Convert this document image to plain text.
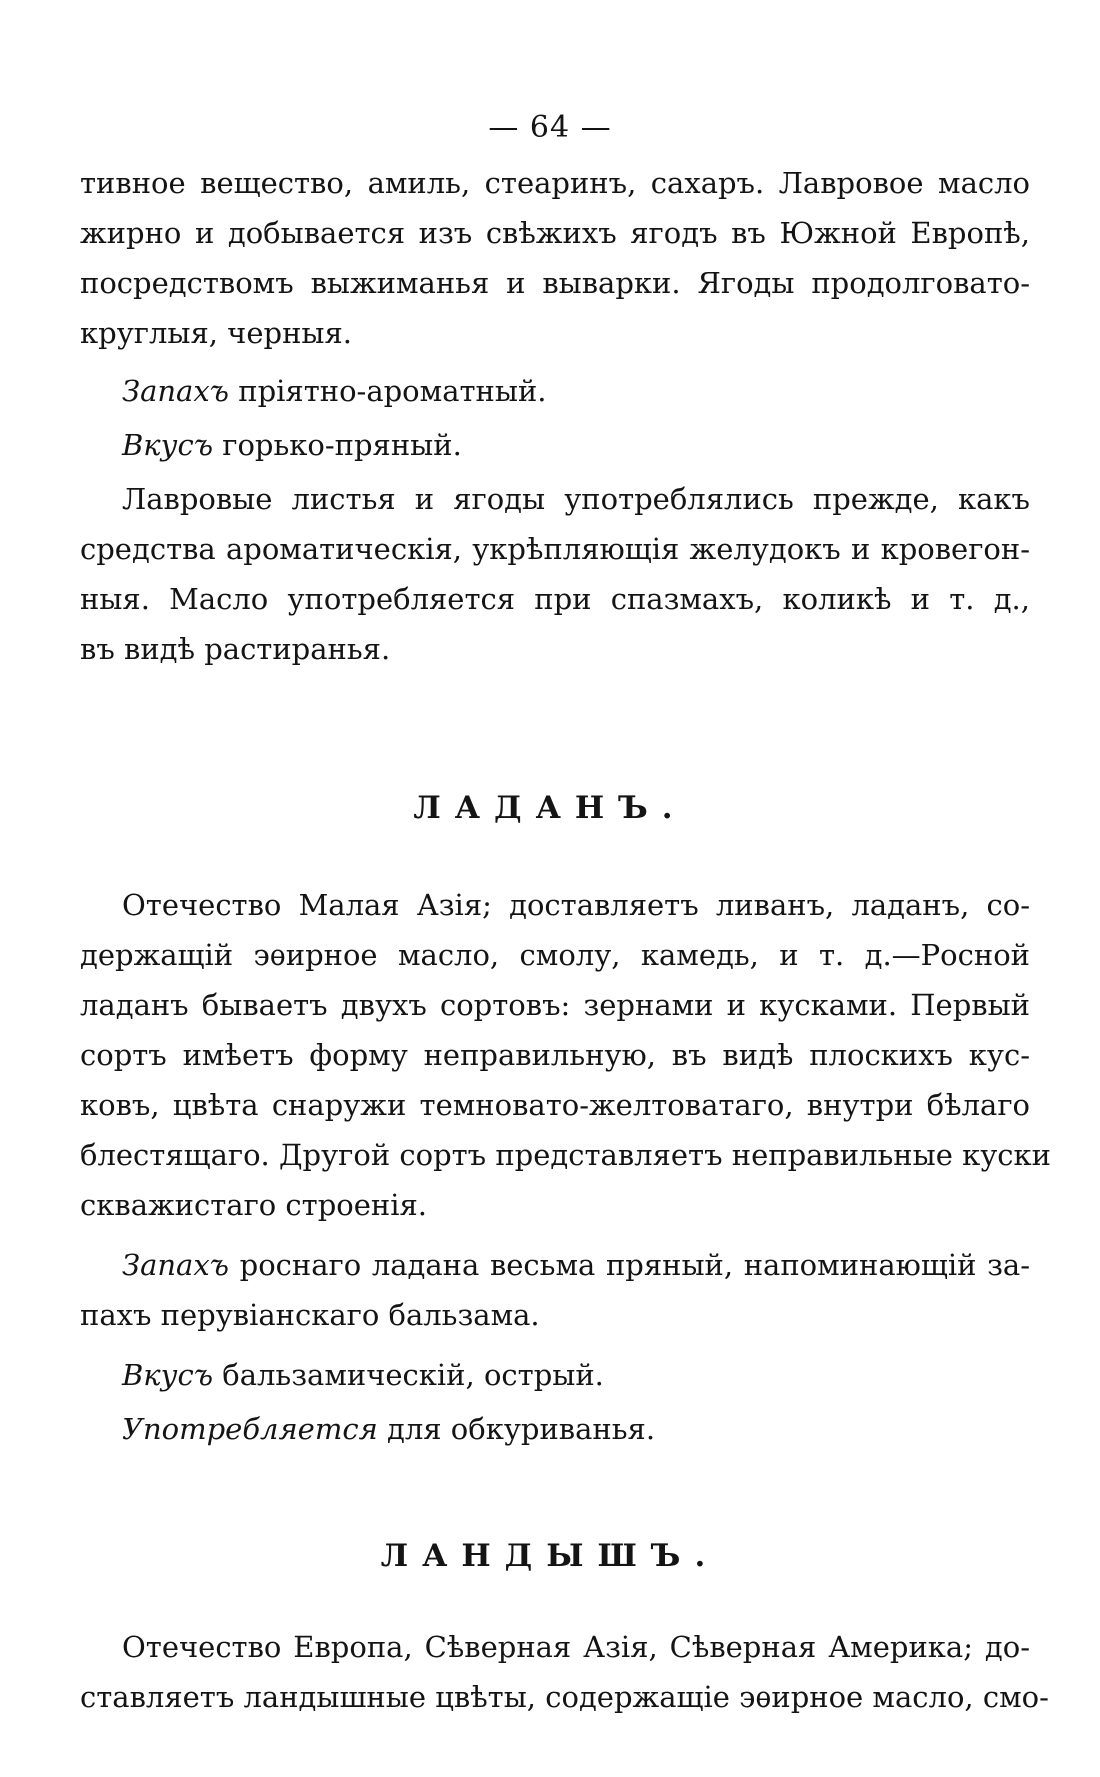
— 64 —
тивное вещество, амиль, стеаринъ, сахаръ. Лавровое масло
жирно и добывается изъ свѣжихъ ягодъ въ Южной Европѣ,
посредствомъ выжиманья и выварки. Ягоды продолговато-
круглыя, черныя.
Запахъ пріятно-ароматный.
Вкусъ горько-пряный.
Лавровые листья и ягоды употреблялись прежде, какъ
средства ароматическія, укрѣпляющія желудокъ и кровегон-
ныя. Масло употребляется при спазмахъ, коликѣ и т. д.,
въ видѣ растиранья.
ЛАДАНЪ.
Отечество Малая Азія; доставляетъ ливанъ, ладанъ, со-
держащій эѳирное масло, смолу, камедь, и т. д.—Росной
ладанъ бываетъ двухъ сортовъ: зернами и кусками. Первый
сортъ имѣетъ форму неправильную, въ видѣ плоскихъ кус-
ковъ, цвѣта снаружи темновато-желтоватаго, внутри бѣлаго
блестящаго. Другой сортъ представляетъ неправильные куски
скважистаго строенія.
Запахъ роснаго ладана весьма пряный, напоминающій за-
пахъ перувіанскаго бальзама.
Вкусъ бальзамическій, острый.
Употребляется для обкуриванья.
ЛАНДЫШЪ.
Отечество Европа, Сѣверная Азія, Сѣверная Америка; до-
ставляетъ ландышные цвѣты, содержащіе эѳирное масло, смо-
